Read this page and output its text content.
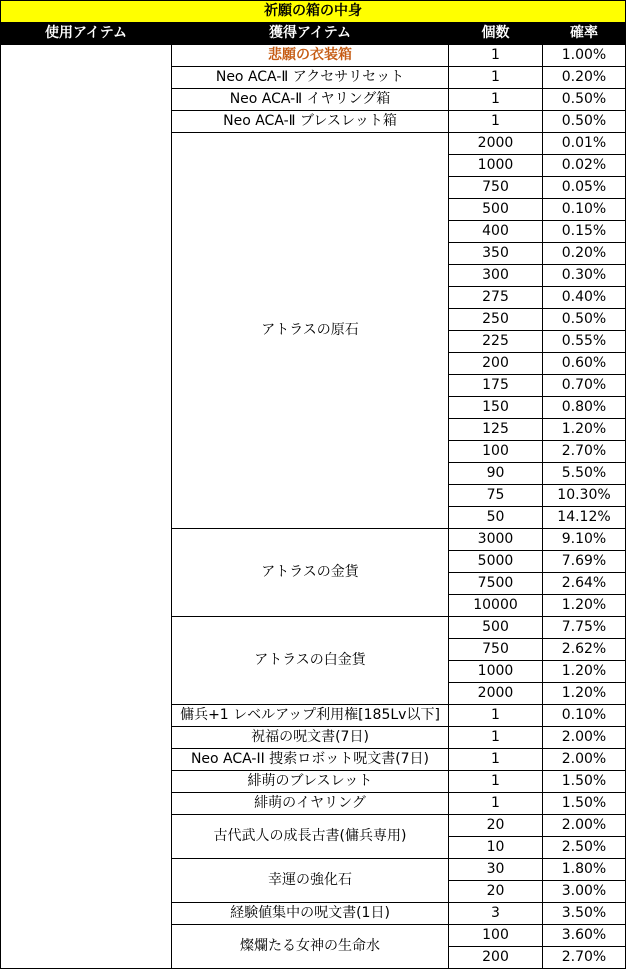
祈願の箱の中身			
使用アイテム	獲得アイテム	個数	確率
	悲願の衣装箱	1	1.00%
	Neo ACA-Ⅱ アクセサリセット	1	0.20%
	Neo ACA-Ⅱ イヤリング箱	1	0.50%
	Neo ACA-Ⅱ ブレスレット箱	1	0.50%
	アトラスの原石	2000	0.01%
		1000	0.02%
		750	0.05%
		500	0.10%
		400	0.15%
		350	0.20%
		300	0.30%
		275	0.40%
		250	0.50%
		225	0.55%
		200	0.60%
		175	0.70%
		150	0.80%
		125	1.20%
		100	2.70%
		90	5.50%
		75	10.30%
		50	14.12%
	アトラスの金貨	3000	9.10%
		5000	7.69%
		7500	2.64%
		10000	1.20%
	アトラスの白金貨	500	7.75%
		750	2.62%
		1000	1.20%
		2000	1.20%
	傭兵+1 レベルアップ利用権[185Lv以下]	1	0.10%
	祝福の呪文書(7日)	1	2.00%
	Neo ACA-II 捜索ロボット呪文書(7日)	1	2.00%
	緋萌のブレスレット	1	1.50%
	緋萌のイヤリング	1	1.50%
	古代武人の成長古書(傭兵専用)	20	2.00%
		10	2.50%
	幸運の強化石	30	1.80%
		20	3.00%
	経験値集中の呪文書(1日)	3	3.50%
	燦爛たる女神の生命水	100	3.60%
		200	2.70%
